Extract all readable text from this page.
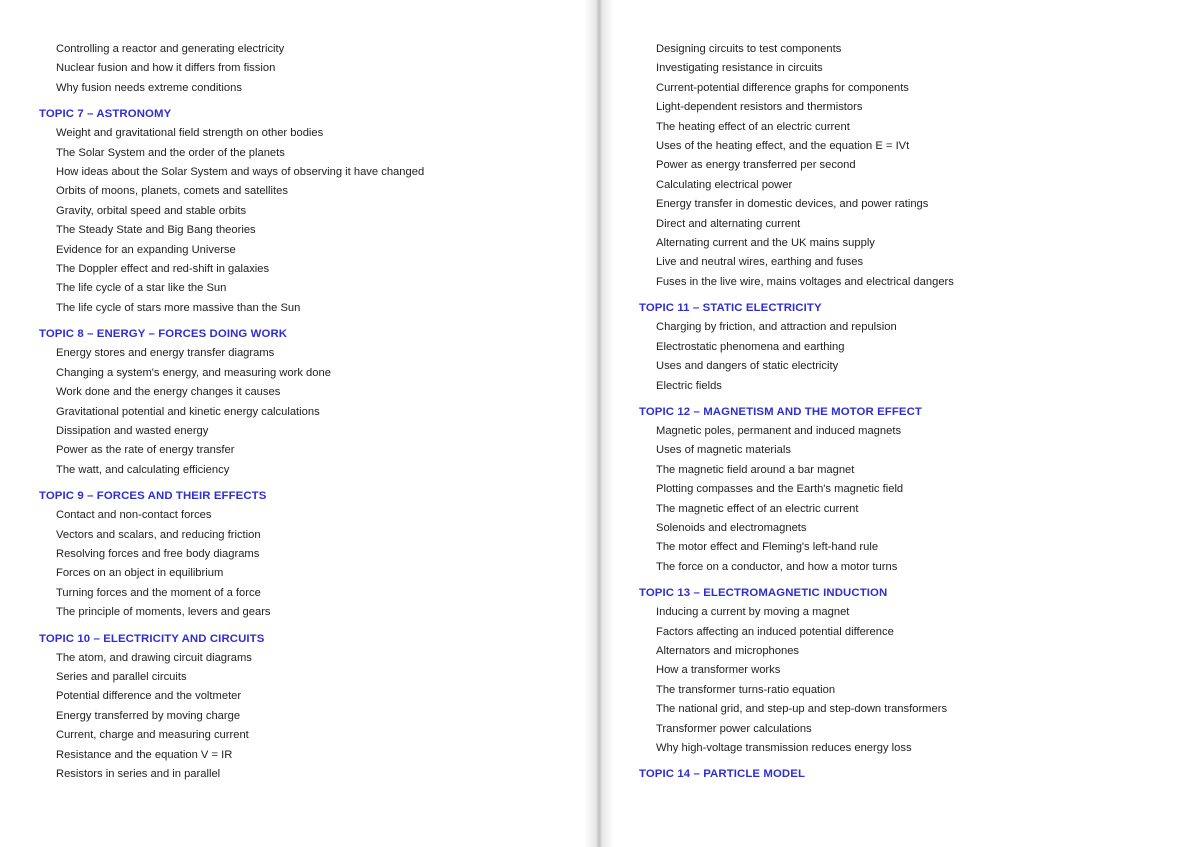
Controlling a reactor and generating electricity
Nuclear fusion and how it differs from fission
Why fusion needs extreme conditions
TOPIC 7 – ASTRONOMY
Weight and gravitational field strength on other bodies
The Solar System and the order of the planets
How ideas about the Solar System and ways of observing it have changed
Orbits of moons, planets, comets and satellites
Gravity, orbital speed and stable orbits
The Steady State and Big Bang theories
Evidence for an expanding Universe
The Doppler effect and red-shift in galaxies
The life cycle of a star like the Sun
The life cycle of stars more massive than the Sun
TOPIC 8 – ENERGY – FORCES DOING WORK
Energy stores and energy transfer diagrams
Changing a system's energy, and measuring work done
Work done and the energy changes it causes
Gravitational potential and kinetic energy calculations
Dissipation and wasted energy
Power as the rate of energy transfer
The watt, and calculating efficiency
TOPIC 9 – FORCES AND THEIR EFFECTS
Contact and non-contact forces
Vectors and scalars, and reducing friction
Resolving forces and free body diagrams
Forces on an object in equilibrium
Turning forces and the moment of a force
The principle of moments, levers and gears
TOPIC 10 – ELECTRICITY AND CIRCUITS
The atom, and drawing circuit diagrams
Series and parallel circuits
Potential difference and the voltmeter
Energy transferred by moving charge
Current, charge and measuring current
Resistance and the equation V = IR
Resistors in series and in parallel
Designing circuits to test components
Investigating resistance in circuits
Current-potential difference graphs for components
Light-dependent resistors and thermistors
The heating effect of an electric current
Uses of the heating effect, and the equation E = IVt
Power as energy transferred per second
Calculating electrical power
Energy transfer in domestic devices, and power ratings
Direct and alternating current
Alternating current and the UK mains supply
Live and neutral wires, earthing and fuses
Fuses in the live wire, mains voltages and electrical dangers
TOPIC 11 – STATIC ELECTRICITY
Charging by friction, and attraction and repulsion
Electrostatic phenomena and earthing
Uses and dangers of static electricity
Electric fields
TOPIC 12 – MAGNETISM AND THE MOTOR EFFECT
Magnetic poles, permanent and induced magnets
Uses of magnetic materials
The magnetic field around a bar magnet
Plotting compasses and the Earth's magnetic field
The magnetic effect of an electric current
Solenoids and electromagnets
The motor effect and Fleming's left-hand rule
The force on a conductor, and how a motor turns
TOPIC 13 – ELECTROMAGNETIC INDUCTION
Inducing a current by moving a magnet
Factors affecting an induced potential difference
Alternators and microphones
How a transformer works
The transformer turns-ratio equation
The national grid, and step-up and step-down transformers
Transformer power calculations
Why high-voltage transmission reduces energy loss
TOPIC 14 – PARTICLE MODEL
